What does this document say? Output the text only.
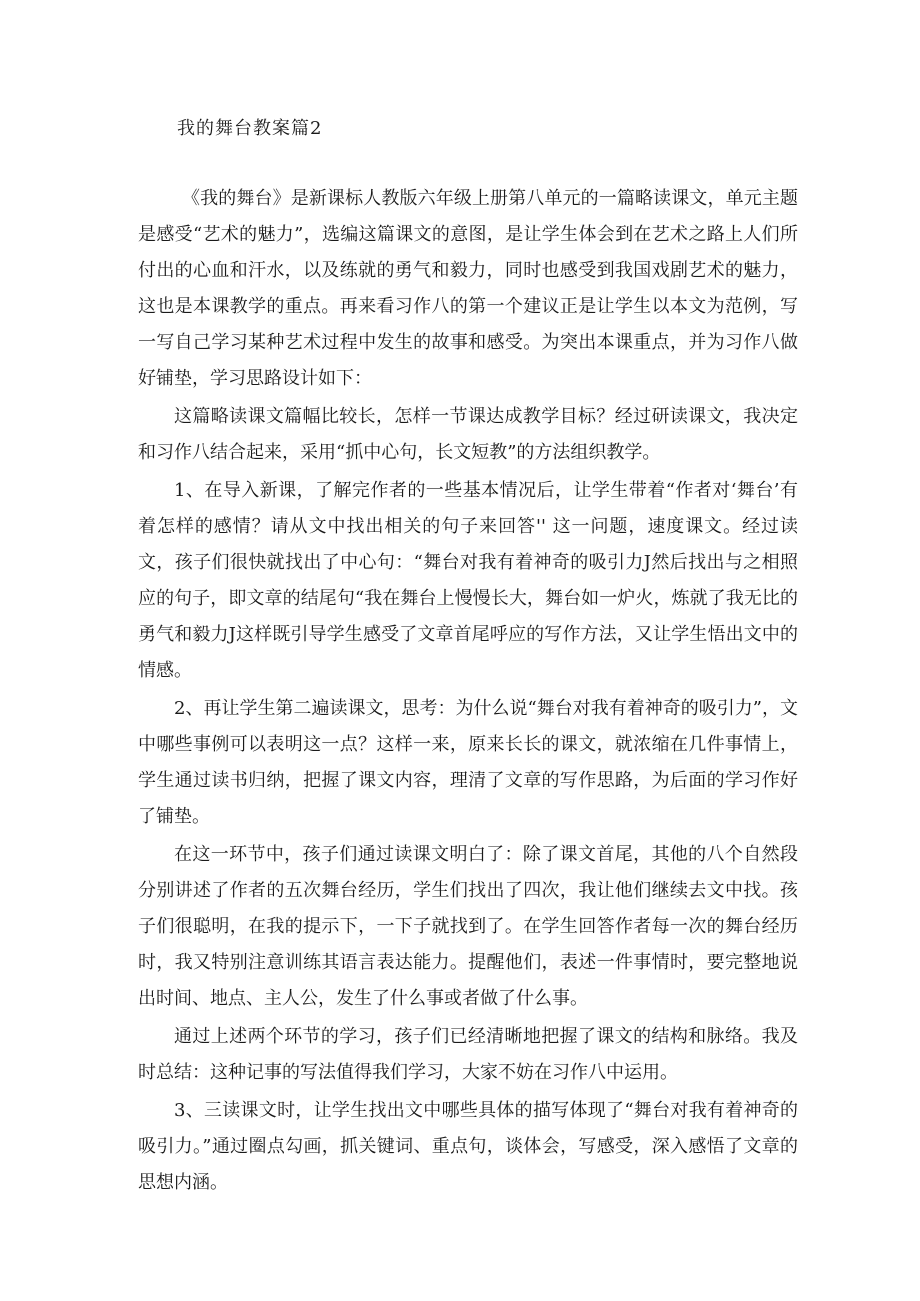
我的舞台教案篇2

《我的舞台》是新课标人教版六年级上册第八单元的一篇略读课文，单元主题是感受“艺术的魅力”，选编这篇课文的意图，是让学生体会到在艺术之路上人们所付出的心血和汗水，以及练就的勇气和毅力，同时也感受到我国戏剧艺术的魅力，这也是本课教学的重点。再来看习作八的第一个建议正是让学生以本文为范例，写一写自己学习某种艺术过程中发生的故事和感受。为突出本课重点，并为习作八做好铺垫，学习思路设计如下：

这篇略读课文篇幅比较长，怎样一节课达成教学目标？经过研读课文，我决定和习作八结合起来，采用“抓中心句，长文短教”的方法组织教学。

1、在导入新课，了解完作者的一些基本情况后，让学生带着“作者对‘舞台’有着怎样的感情？请从文中找出相关的句子来回答'' 这一问题，速度课文。经过读文，孩子们很快就找出了中心句：“舞台对我有着神奇的吸引力J然后找出与之相照应的句子，即文章的结尾句“我在舞台上慢慢长大，舞台如一炉火，炼就了我无比的勇气和毅力J这样既引导学生感受了文章首尾呼应的写作方法，又让学生悟出文中的情感。

2、再让学生第二遍读课文，思考：为什么说“舞台对我有着神奇的吸引力”，文中哪些事例可以表明这一点？这样一来，原来长长的课文，就浓缩在几件事情上，学生通过读书归纳，把握了课文内容，理清了文章的写作思路，为后面的学习作好了铺垫。

在这一环节中，孩子们通过读课文明白了：除了课文首尾，其他的八个自然段分别讲述了作者的五次舞台经历，学生们找出了四次，我让他们继续去文中找。孩子们很聪明，在我的提示下，一下子就找到了。在学生回答作者每一次的舞台经历时，我又特别注意训练其语言表达能力。提醒他们，表述一件事情时，要完整地说出时间、地点、主人公，发生了什么事或者做了什么事。

通过上述两个环节的学习，孩子们已经清晰地把握了课文的结构和脉络。我及时总结：这种记事的写法值得我们学习，大家不妨在习作八中运用。

3、三读课文时，让学生找出文中哪些具体的描写体现了“舞台对我有着神奇的吸引力。”通过圈点勾画，抓关键词、重点句，谈体会，写感受，深入感悟了文章的思想内涵。
